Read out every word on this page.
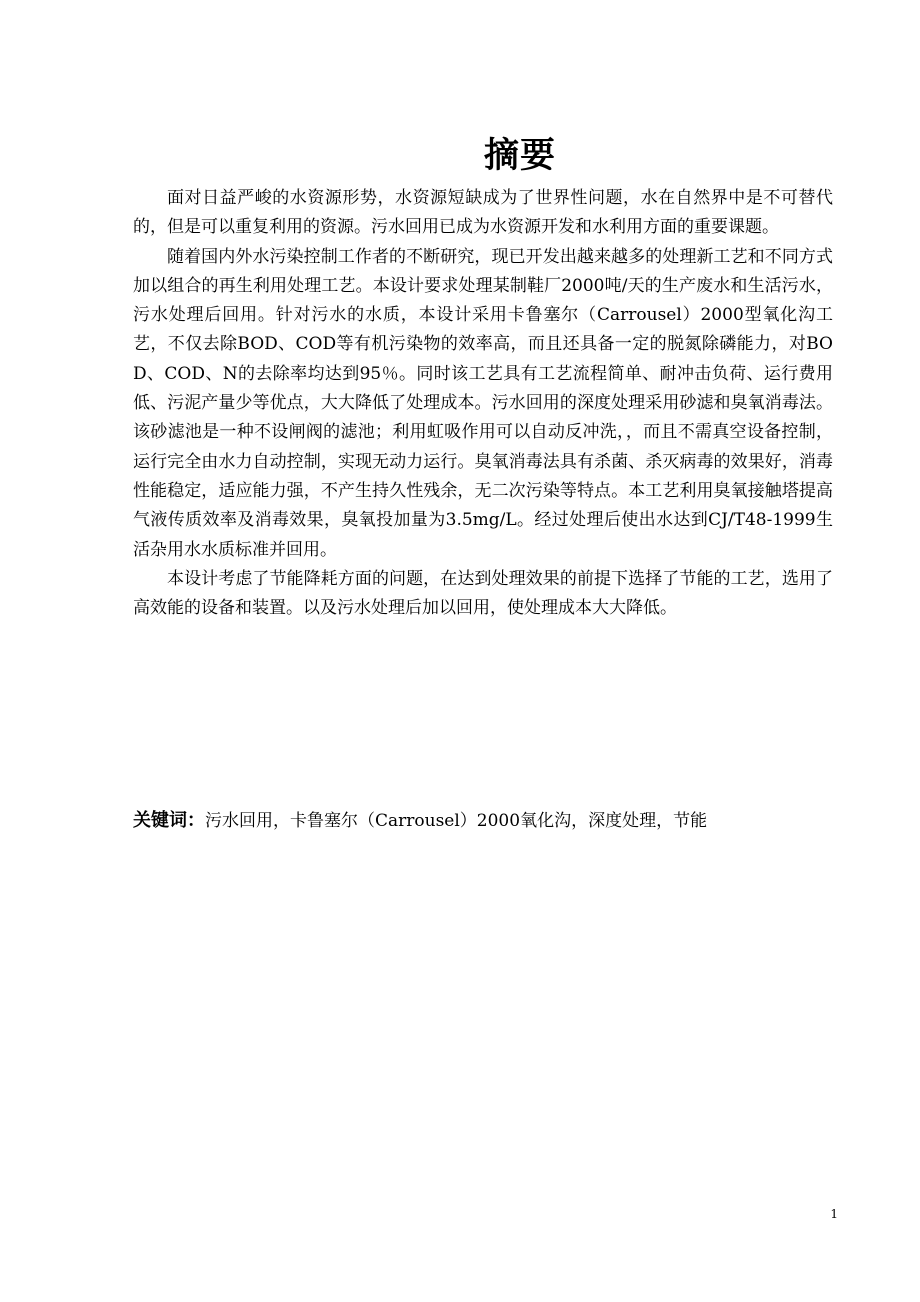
摘要

面对日益严峻的水资源形势，水资源短缺成为了世界性问题，水在自然界中是不可替代的，但是可以重复利用的资源。污水回用已成为水资源开发和水利用方面的重要课题。

随着国内外水污染控制工作者的不断研究，现已开发出越来越多的处理新工艺和不同方式加以组合的再生利用处理工艺。本设计要求处理某制鞋厂2000吨/天的生产废水和生活污水，污水处理后回用。针对污水的水质，本设计采用卡鲁塞尔（Carrousel）2000型氧化沟工艺，不仅去除BOD、COD等有机污染物的效率高，而且还具备一定的脱氮除磷能力，对BOD、COD、N的去除率均达到95％。同时该工艺具有工艺流程简单、耐冲击负荷、运行费用低、污泥产量少等优点，大大降低了处理成本。污水回用的深度处理采用砂滤和臭氧消毒法。该砂滤池是一种不设闸阀的滤池；利用虹吸作用可以自动反冲洗，，而且不需真空设备控制，运行完全由水力自动控制，实现无动力运行。臭氧消毒法具有杀菌、杀灭病毒的效果好，消毒性能稳定，适应能力强，不产生持久性残余，无二次污染等特点。本工艺利用臭氧接触塔提高气液传质效率及消毒效果，臭氧投加量为3.5mg/L。经过处理后使出水达到CJ/T48-1999生活杂用水水质标准并回用。

本设计考虑了节能降耗方面的问题，在达到处理效果的前提下选择了节能的工艺，选用了高效能的设备和装置。以及污水处理后加以回用，使处理成本大大降低。

关键词：污水回用，卡鲁塞尔（Carrousel）2000氧化沟，深度处理，节能
1
